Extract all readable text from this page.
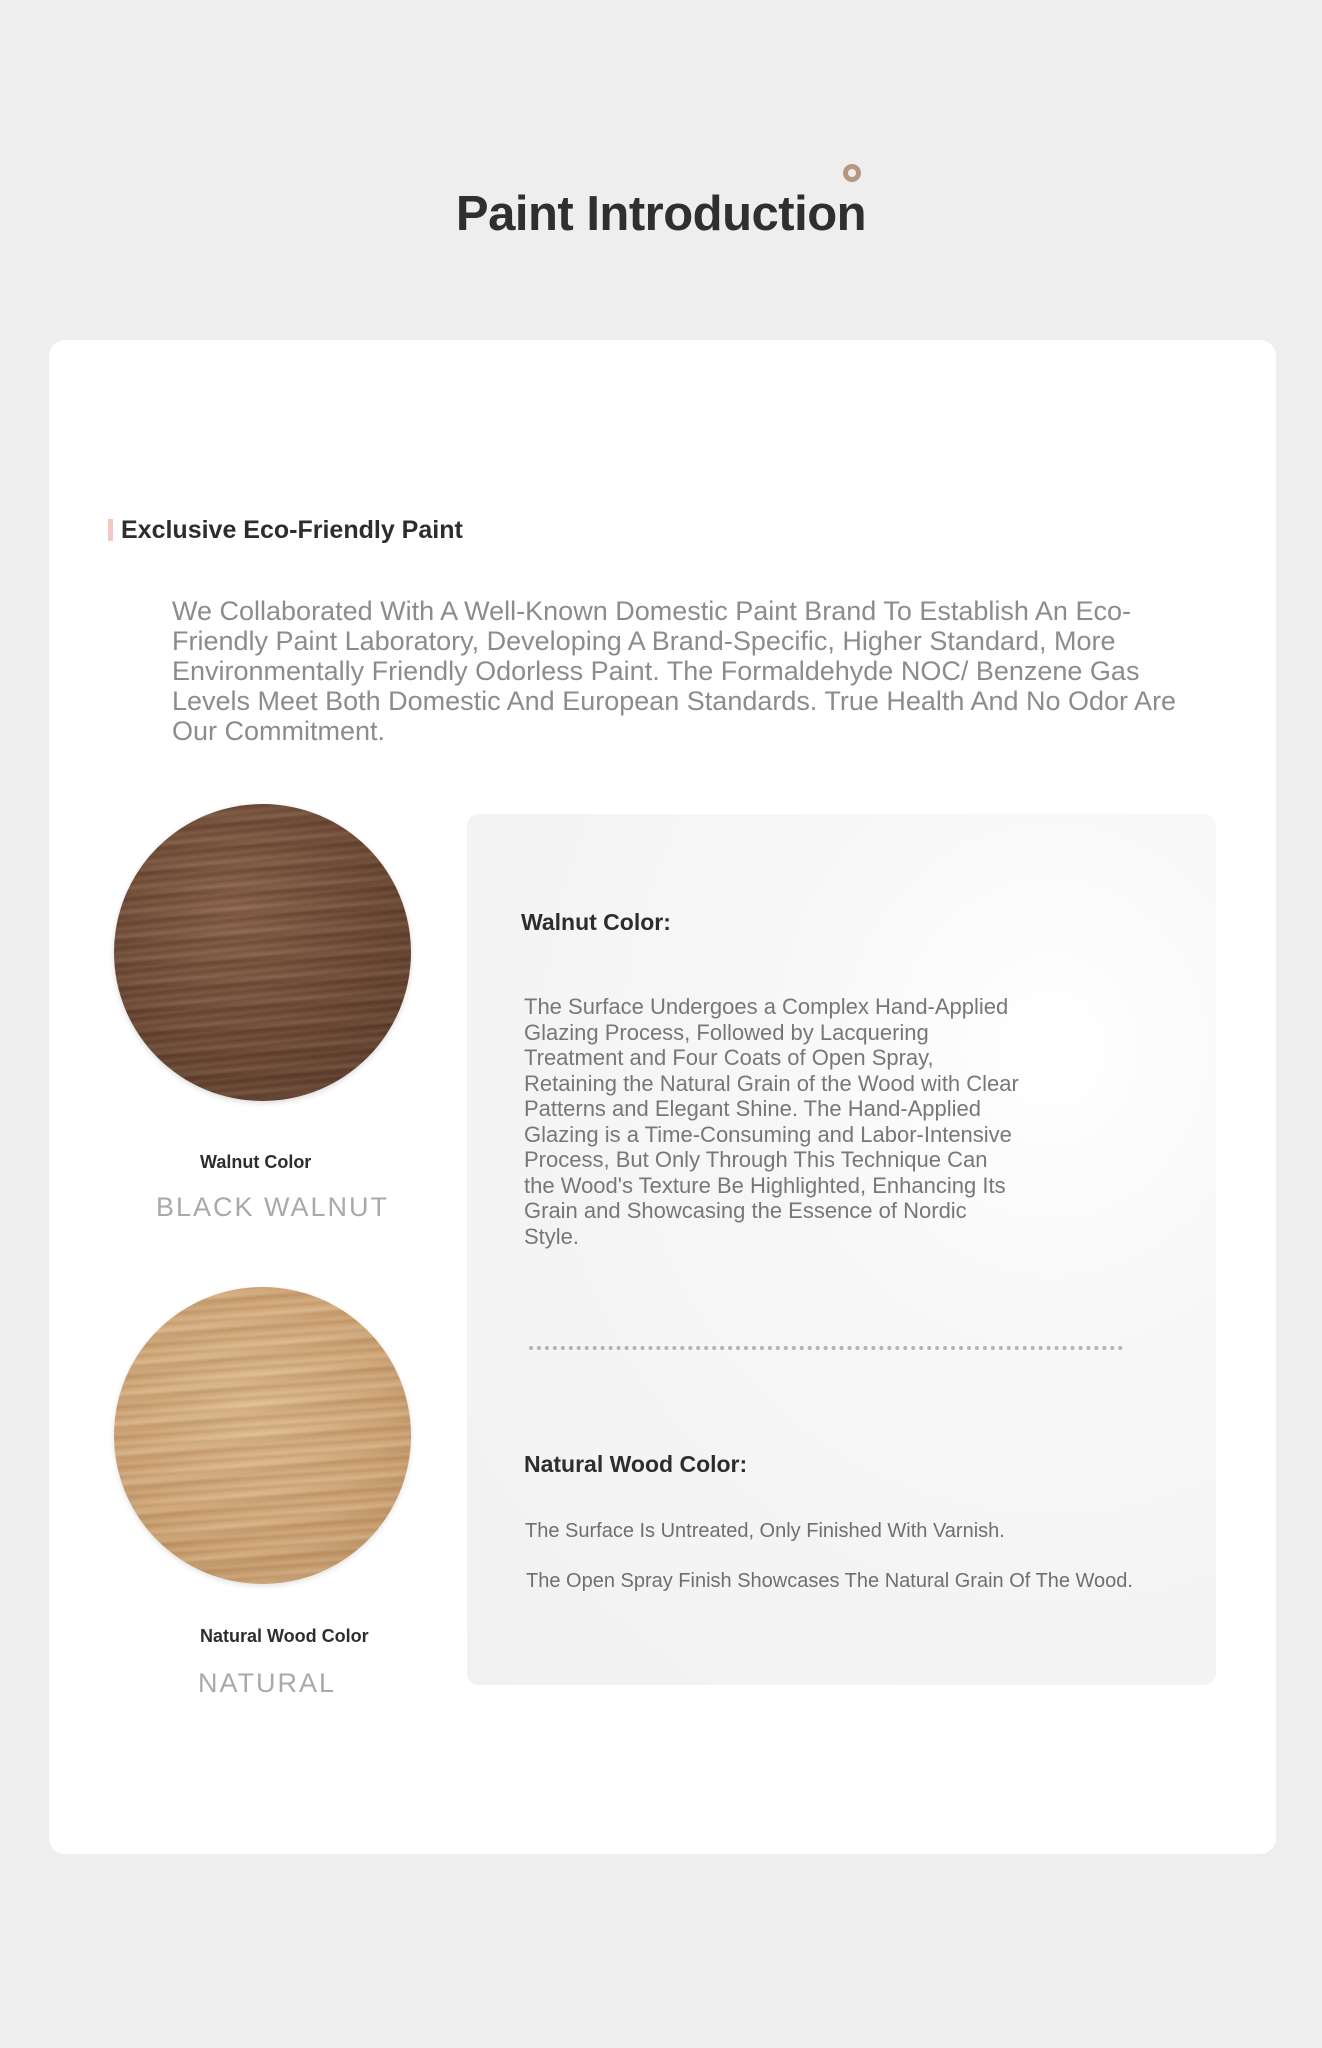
Paint Introduction
Exclusive Eco-Friendly Paint
We Collaborated With A Well-Known Domestic Paint Brand To Establish An Eco-Friendly Paint Laboratory, Developing A Brand-Specific, Higher Standard, More Environmentally Friendly Odorless Paint. The Formaldehyde NOC/ Benzene Gas Levels Meet Both Domestic And European Standards. True Health And No Odor Are Our Commitment.
Walnut Color
BLACK WALNUT
Natural Wood Color
NATURAL
Walnut Color:
The Surface Undergoes a Complex Hand-Applied Glazing Process, Followed by Lacquering Treatment and Four Coats of Open Spray, Retaining the Natural Grain of the Wood with Clear Patterns and Elegant Shine. The Hand-Applied Glazing is a Time-Consuming and Labor-Intensive Process, But Only Through This Technique Can the Wood's Texture Be Highlighted, Enhancing Its Grain and Showcasing the Essence of Nordic Style.
Natural Wood Color:
The Surface Is Untreated, Only Finished With Varnish.
The Open Spray Finish Showcases The Natural Grain Of The Wood.
